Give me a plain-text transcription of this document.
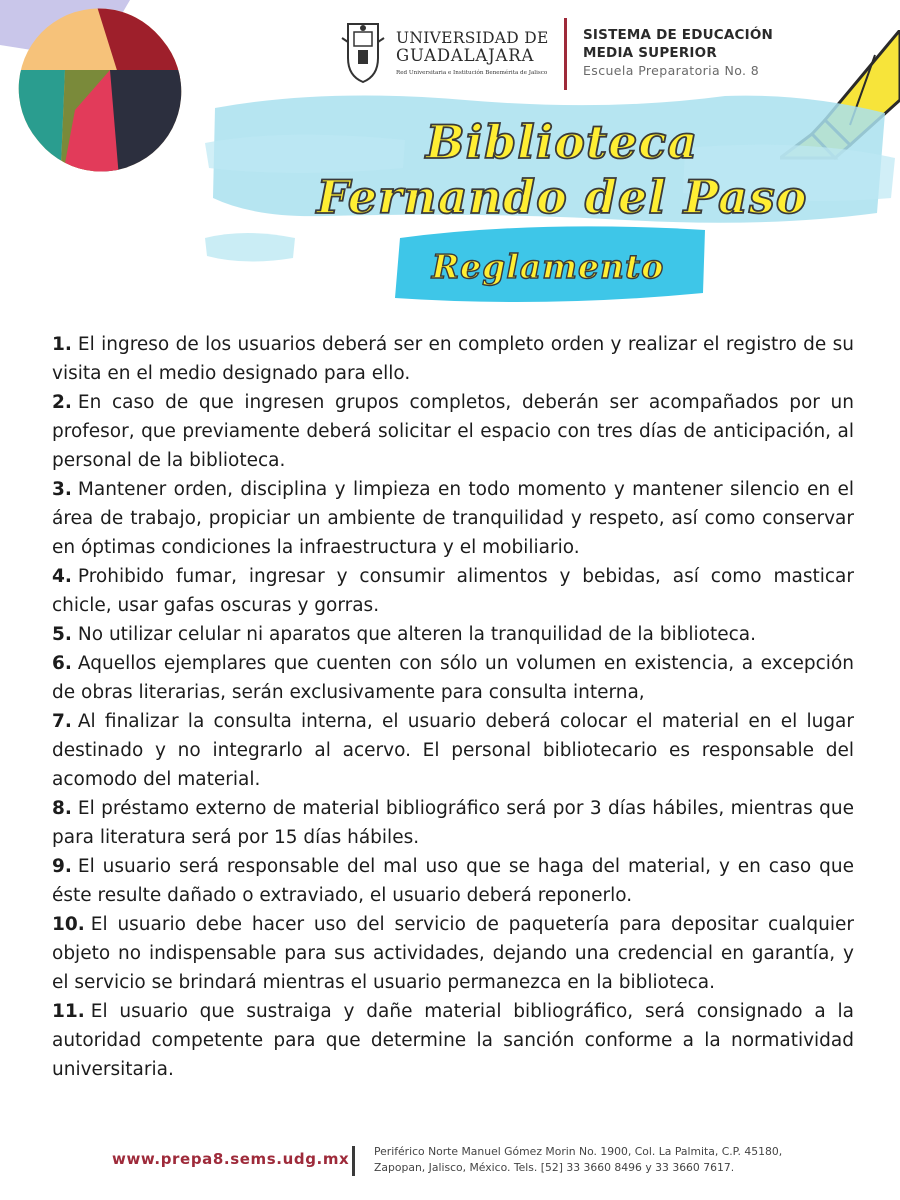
UNIVERSIDAD DE
GUADALAJARA
Red Universitaria e Institución Benemérita de Jalisco
SISTEMA DE EDUCACIÓN
MEDIA SUPERIOR
Escuela Preparatoria No. 8
Biblioteca
Fernando del Paso
Reglamento
1. El ingreso de los usuarios deberá ser en completo orden y realizar el registro de su visita en el medio designado para ello.
2. En caso de que ingresen grupos completos, deberán ser acompañados por un profesor, que previamente deberá solicitar el espacio con tres días de anticipación, al personal de la biblioteca.
3. Mantener orden, disciplina y limpieza en todo momento y mantener silencio en el área de trabajo, propiciar un ambiente de tranquilidad y respeto, así como conservar en óptimas condiciones la infraestructura y el mobiliario.
4. Prohibido fumar, ingresar y consumir alimentos y bebidas, así como masticar chicle, usar gafas oscuras y gorras.
5. No utilizar celular ni aparatos que alteren la tranquilidad de la biblioteca.
6. Aquellos ejemplares que cuenten con sólo un volumen en existencia, a excepción de obras literarias, serán exclusivamente para consulta interna,
7. Al finalizar la consulta interna, el usuario deberá colocar el material en el lugar destinado y no integrarlo al acervo. El personal bibliotecario es responsable del acomodo del material.
8. El préstamo externo de material bibliográfico será por 3 días hábiles, mientras que para literatura será por 15 días hábiles.
9. El usuario será responsable del mal uso que se haga del material, y en caso que éste resulte dañado o extraviado, el usuario deberá reponerlo.
10. El usuario debe hacer uso del servicio de paquetería para depositar cualquier objeto no indispensable para sus actividades, dejando una credencial en garantía, y el servicio se brindará mientras el usuario permanezca en la biblioteca.
11. El usuario que sustraiga y dañe material bibliográfico, será consignado a la autoridad competente para que determine la sanción conforme a la normatividad universitaria.
www.prepa8.sems.udg.mx Periférico Norte Manuel Gómez Morin No. 1900, Col. La Palmita, C.P. 45180,
Zapopan, Jalisco, México. Tels. [52] 33 3660 8496 y 33 3660 7617.
